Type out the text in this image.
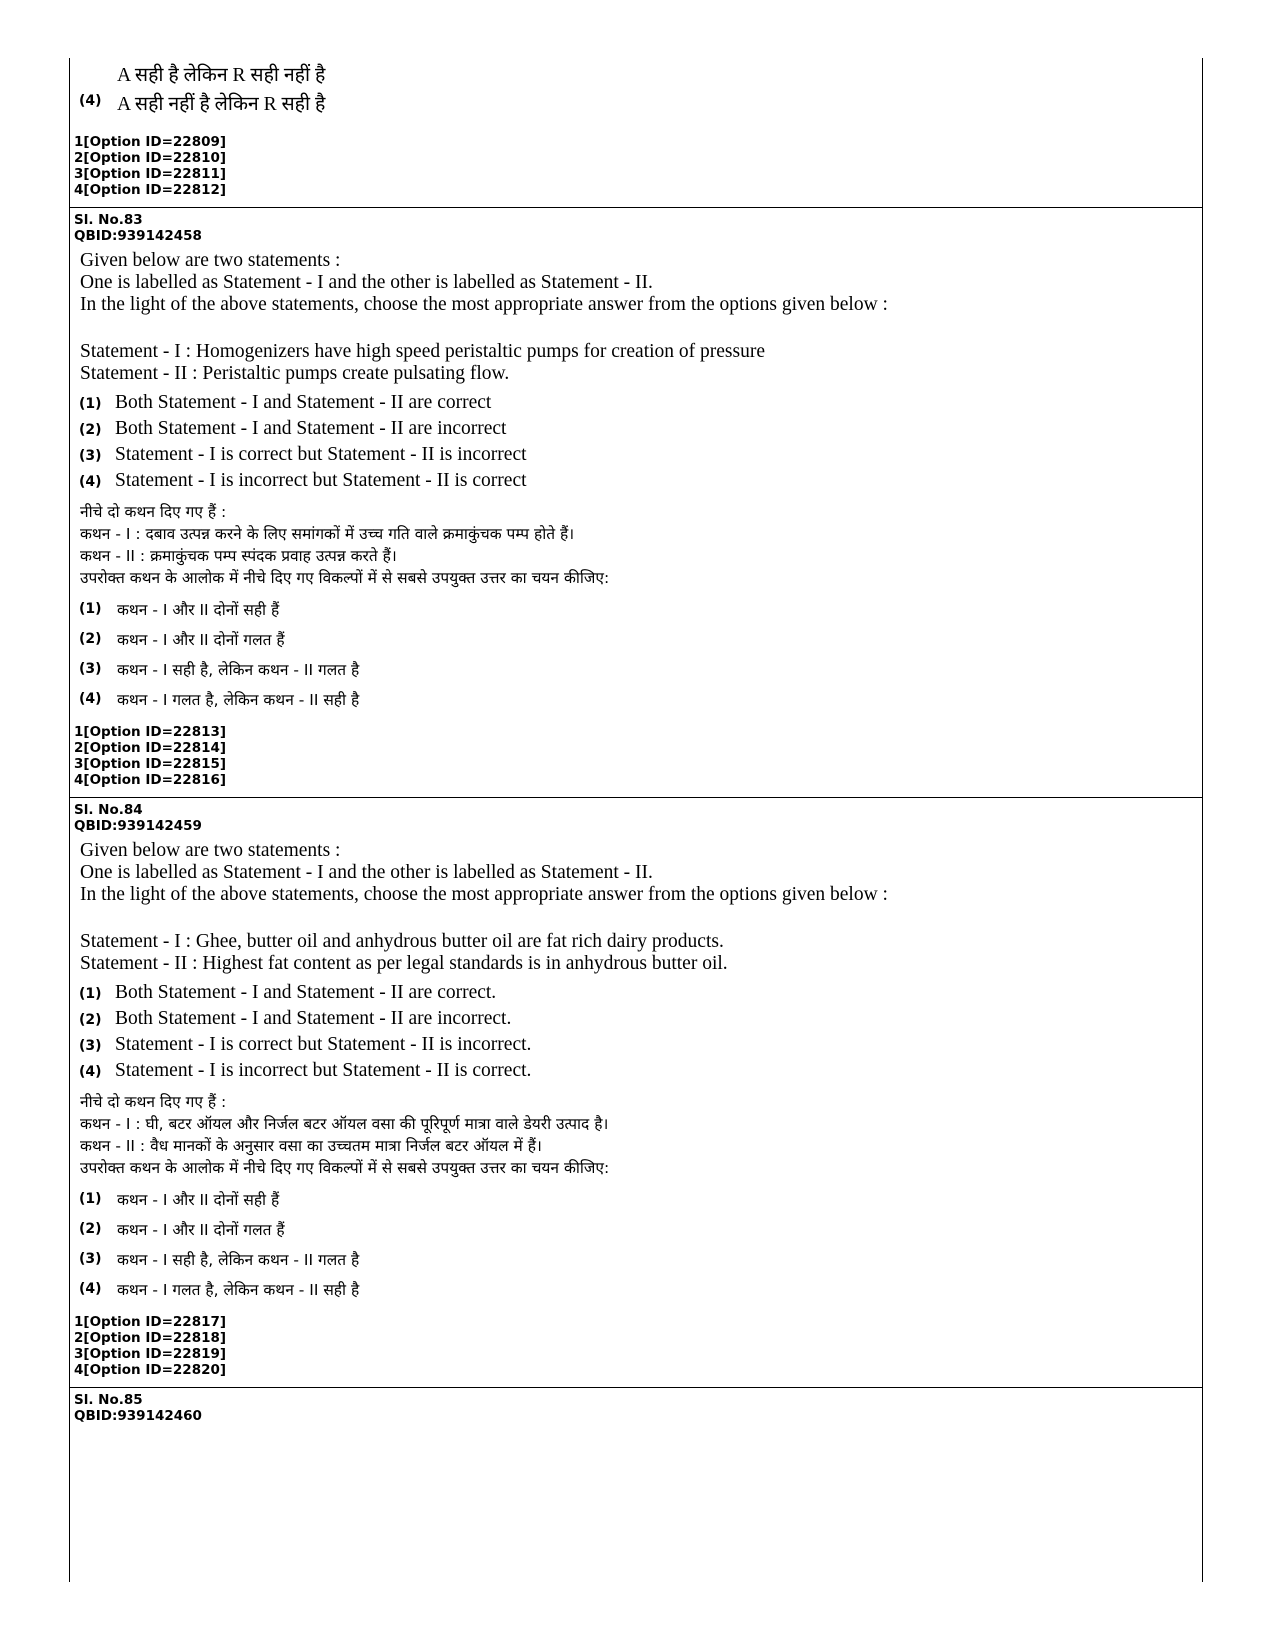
A सही है लेकिन R सही नहीं है
(4) A सही नहीं है लेकिन R सही है
1[Option ID=22809]
2[Option ID=22810]
3[Option ID=22811]
4[Option ID=22812]
Sl. No.83
QBID:939142458
Given below are two statements :
One is labelled as Statement - I and the other is labelled as Statement - II.
In the light of the above statements, choose the most appropriate answer from the options given below :
Statement - I : Homogenizers have high speed peristaltic pumps for creation of pressure
Statement - II : Peristaltic pumps create pulsating flow.
(1) Both Statement - I and Statement - II are correct
(2) Both Statement - I and Statement - II are incorrect
(3) Statement - I is correct but Statement - II is incorrect
(4) Statement - I is incorrect but Statement - II is correct
नीचे दो कथन दिए गए हैं :
कथन - I : दबाव उत्पन्न करने के लिए समांगकों में उच्च गति वाले क्रमाकुंचक पम्प होते हैं।
कथन - II : क्रमाकुंचक पम्प स्पंदक प्रवाह उत्पन्न करते हैं।
उपरोक्त कथन के आलोक में नीचे दिए गए विकल्पों में से सबसे उपयुक्त उत्तर का चयन कीजिए:
(1) कथन - I और II दोनों सही हैं
(2) कथन - I और II दोनों गलत हैं
(3) कथन - I सही है, लेकिन कथन - II गलत है
(4) कथन - I गलत है, लेकिन कथन - II सही है
1[Option ID=22813]
2[Option ID=22814]
3[Option ID=22815]
4[Option ID=22816]
Sl. No.84
QBID:939142459
Given below are two statements :
One is labelled as Statement - I and the other is labelled as Statement - II.
In the light of the above statements, choose the most appropriate answer from the options given below :
Statement - I : Ghee, butter oil and anhydrous butter oil are fat rich dairy products.
Statement - II : Highest fat content as per legal standards is in anhydrous butter oil.
(1) Both Statement - I and Statement - II are correct.
(2) Both Statement - I and Statement - II are incorrect.
(3) Statement - I is correct but Statement - II is incorrect.
(4) Statement - I is incorrect but Statement - II is correct.
नीचे दो कथन दिए गए हैं :
कथन - I : घी, बटर ऑयल और निर्जल बटर ऑयल वसा की पूरिपूर्ण मात्रा वाले डेयरी उत्पाद है।
कथन - II : वैध मानकों के अनुसार वसा का उच्चतम मात्रा निर्जल बटर ऑयल में हैं।
उपरोक्त कथन के आलोक में नीचे दिए गए विकल्पों में से सबसे उपयुक्त उत्तर का चयन कीजिए:
(1) कथन - I और II दोनों सही हैं
(2) कथन - I और II दोनों गलत हैं
(3) कथन - I सही है, लेकिन कथन - II गलत है
(4) कथन - I गलत है, लेकिन कथन - II सही है
1[Option ID=22817]
2[Option ID=22818]
3[Option ID=22819]
4[Option ID=22820]
Sl. No.85
QBID:939142460
